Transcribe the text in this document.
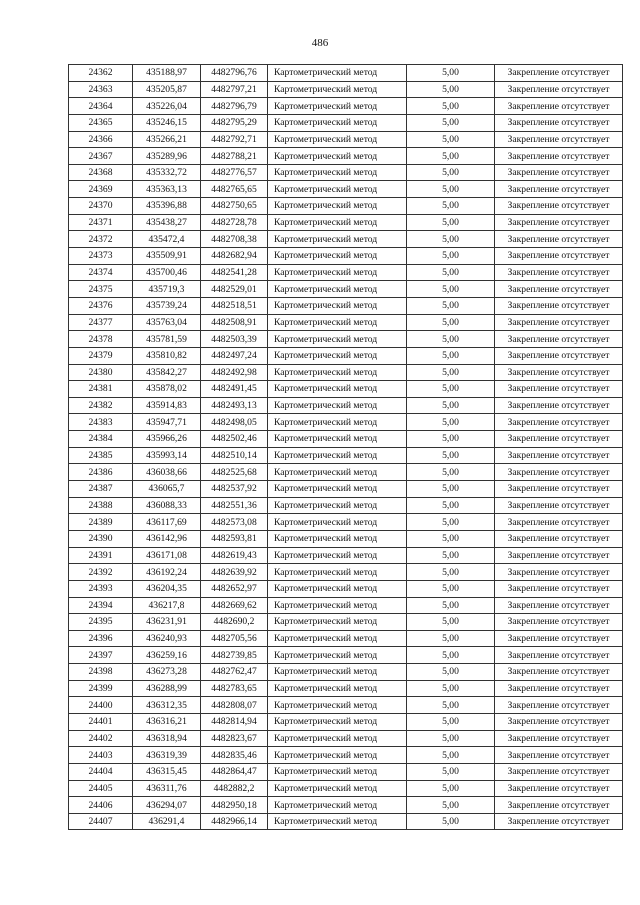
486
24362	435188,97	4482796,76	Картометрический метод	5,00	Закрепление отсутствует
24363	435205,87	4482797,21	Картометрический метод	5,00	Закрепление отсутствует
24364	435226,04	4482796,79	Картометрический метод	5,00	Закрепление отсутствует
24365	435246,15	4482795,29	Картометрический метод	5,00	Закрепление отсутствует
24366	435266,21	4482792,71	Картометрический метод	5,00	Закрепление отсутствует
24367	435289,96	4482788,21	Картометрический метод	5,00	Закрепление отсутствует
24368	435332,72	4482776,57	Картометрический метод	5,00	Закрепление отсутствует
24369	435363,13	4482765,65	Картометрический метод	5,00	Закрепление отсутствует
24370	435396,88	4482750,65	Картометрический метод	5,00	Закрепление отсутствует
24371	435438,27	4482728,78	Картометрический метод	5,00	Закрепление отсутствует
24372	435472,4	4482708,38	Картометрический метод	5,00	Закрепление отсутствует
24373	435509,91	4482682,94	Картометрический метод	5,00	Закрепление отсутствует
24374	435700,46	4482541,28	Картометрический метод	5,00	Закрепление отсутствует
24375	435719,3	4482529,01	Картометрический метод	5,00	Закрепление отсутствует
24376	435739,24	4482518,51	Картометрический метод	5,00	Закрепление отсутствует
24377	435763,04	4482508,91	Картометрический метод	5,00	Закрепление отсутствует
24378	435781,59	4482503,39	Картометрический метод	5,00	Закрепление отсутствует
24379	435810,82	4482497,24	Картометрический метод	5,00	Закрепление отсутствует
24380	435842,27	4482492,98	Картометрический метод	5,00	Закрепление отсутствует
24381	435878,02	4482491,45	Картометрический метод	5,00	Закрепление отсутствует
24382	435914,83	4482493,13	Картометрический метод	5,00	Закрепление отсутствует
24383	435947,71	4482498,05	Картометрический метод	5,00	Закрепление отсутствует
24384	435966,26	4482502,46	Картометрический метод	5,00	Закрепление отсутствует
24385	435993,14	4482510,14	Картометрический метод	5,00	Закрепление отсутствует
24386	436038,66	4482525,68	Картометрический метод	5,00	Закрепление отсутствует
24387	436065,7	4482537,92	Картометрический метод	5,00	Закрепление отсутствует
24388	436088,33	4482551,36	Картометрический метод	5,00	Закрепление отсутствует
24389	436117,69	4482573,08	Картометрический метод	5,00	Закрепление отсутствует
24390	436142,96	4482593,81	Картометрический метод	5,00	Закрепление отсутствует
24391	436171,08	4482619,43	Картометрический метод	5,00	Закрепление отсутствует
24392	436192,24	4482639,92	Картометрический метод	5,00	Закрепление отсутствует
24393	436204,35	4482652,97	Картометрический метод	5,00	Закрепление отсутствует
24394	436217,8	4482669,62	Картометрический метод	5,00	Закрепление отсутствует
24395	436231,91	4482690,2	Картометрический метод	5,00	Закрепление отсутствует
24396	436240,93	4482705,56	Картометрический метод	5,00	Закрепление отсутствует
24397	436259,16	4482739,85	Картометрический метод	5,00	Закрепление отсутствует
24398	436273,28	4482762,47	Картометрический метод	5,00	Закрепление отсутствует
24399	436288,99	4482783,65	Картометрический метод	5,00	Закрепление отсутствует
24400	436312,35	4482808,07	Картометрический метод	5,00	Закрепление отсутствует
24401	436316,21	4482814,94	Картометрический метод	5,00	Закрепление отсутствует
24402	436318,94	4482823,67	Картометрический метод	5,00	Закрепление отсутствует
24403	436319,39	4482835,46	Картометрический метод	5,00	Закрепление отсутствует
24404	436315,45	4482864,47	Картометрический метод	5,00	Закрепление отсутствует
24405	436311,76	4482882,2	Картометрический метод	5,00	Закрепление отсутствует
24406	436294,07	4482950,18	Картометрический метод	5,00	Закрепление отсутствует
24407	436291,4	4482966,14	Картометрический метод	5,00	Закрепление отсутствует
